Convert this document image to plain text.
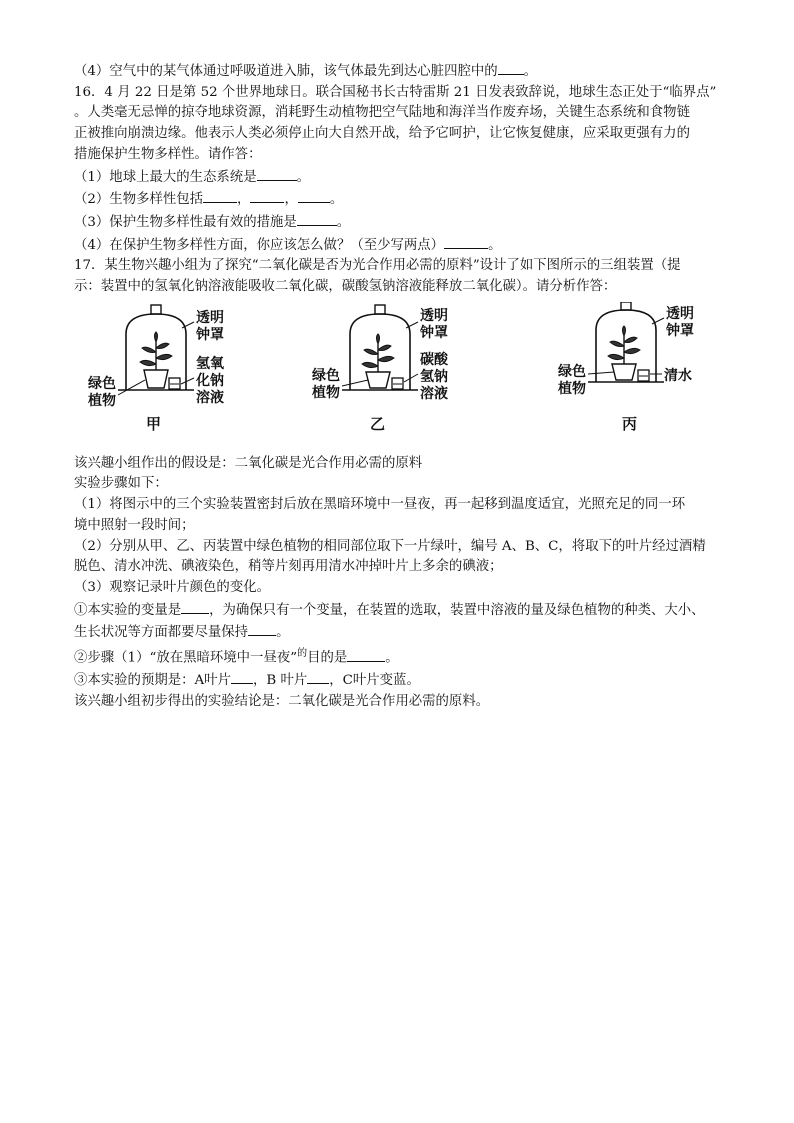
（4）空气中的某气体通过呼吸道进入肺，该气体最先到达心脏四腔中的 。
16．4 月 22 日是第 52 个世界地球日。联合国秘书长古特雷斯 21 日发表致辞说，地球生态正处于“临界点”
。人类毫无忌惮的掠夺地球资源，消耗野生动植物把空气陆地和海洋当作废弃场，关键生态系统和食物链
正被推向崩溃边缘。他表示人类必须停止向大自然开战，给予它呵护，让它恢复健康，应采取更强有力的
措施保护生物多样性。请作答：
（1）地球上最大的生态系统是	。
（2）生物多样性包括	，	， 。
（3）保护生物多样性最有效的措施是	。
（4）在保护生物多样性方面，你应该怎么做？（至少写两点）	。
17．某生物兴趣小组为了探究“二氧化碳是否为光合作用必需的原料”设计了如下图所示的三组装置（提
示：装置中的氢氧化钠溶液能吸收二氧化碳，碳酸氢钠溶液能释放二氧化碳）。请分析作答：
透明
钟罩
氢氧
化钠
溶液
绿色
植物
甲
透明
钟罩
碳酸
氢钠
溶液
绿色
植物
乙
透明
钟罩
清水
绿色
植物
丙
该兴趣小组作出的假设是：二氧化碳是光合作用必需的原料
实验步骤如下：
（1）将图示中的三个实验装置密封后放在黑暗环境中一昼夜，再一起移到温度适宜，光照充足的同一环
境中照射一段时间；
（2）分别从甲、乙、丙装置中绿色植物的相同部位取下一片绿叶，编号 A、B、C，将取下的叶片经过酒精
脱色、清水冲洗、碘液染色，稍等片刻再用清水冲掉叶片上多余的碘液；
（3）观察记录叶片颜色的变化。
①本实验的变量是 ，为确保只有一个变量，在装置的选取，装置中溶液的量及绿色植物的种类、大小、
生长状况等方面都要尽量保持 。
②步骤（1）“放在黑暗环境中一昼夜”$^的$目的是	。
③本实验的预期是：A叶片 ，B 叶片 ，C叶片变蓝。
该兴趣小组初步得出的实验结论是：二氧化碳是光合作用必需的原料。
